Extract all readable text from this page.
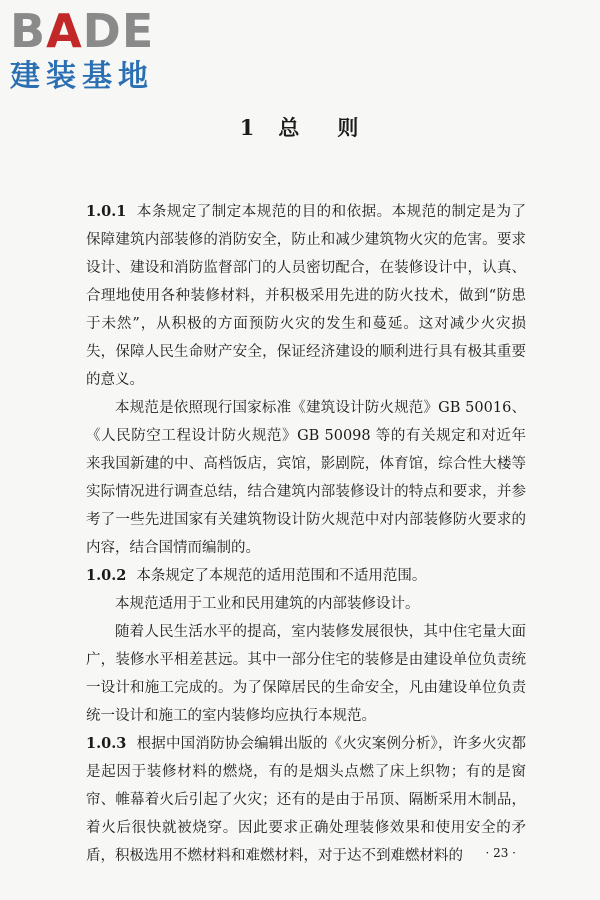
BADE
建装基地
1 总 则

1.0.1 本条规定了制定本规范的目的和依据。本规范的制定是为了保障建筑内部装修的消防安全，防止和减少建筑物火灾的危害。要求设计、建设和消防监督部门的人员密切配合，在装修设计中，认真、合理地使用各种装修材料，并积极采用先进的防火技术，做到“防患于未然”，从积极的方面预防火灾的发生和蔓延。这对减少火灾损失，保障人民生命财产安全，保证经济建设的顺利进行具有极其重要的意义。

本规范是依照现行国家标准《建筑设计防火规范》GB 50016、《人民防空工程设计防火规范》GB 50098 等的有关规定和对近年来我国新建的中、高档饭店，宾馆，影剧院，体育馆，综合性大楼等实际情况进行调查总结，结合建筑内部装修设计的特点和要求，并参考了一些先进国家有关建筑物设计防火规范中对内部装修防火要求的内容，结合国情而编制的。

1.0.2 本条规定了本规范的适用范围和不适用范围。

本规范适用于工业和民用建筑的内部装修设计。

随着人民生活水平的提高，室内装修发展很快，其中住宅量大面广，装修水平相差甚远。其中一部分住宅的装修是由建设单位负责统一设计和施工完成的。为了保障居民的生命安全，凡由建设单位负责统一设计和施工的室内装修均应执行本规范。

1.0.3 根据中国消防协会编辑出版的《火灾案例分析》，许多火灾都是起因于装修材料的燃烧，有的是烟头点燃了床上织物；有的是窗帘、帷幕着火后引起了火灾；还有的是由于吊顶、隔断采用木制品，着火后很快就被烧穿。因此要求正确处理装修效果和使用安全的矛盾，积极选用不燃材料和难燃材料，对于达不到难燃材料的	· 23 ·
